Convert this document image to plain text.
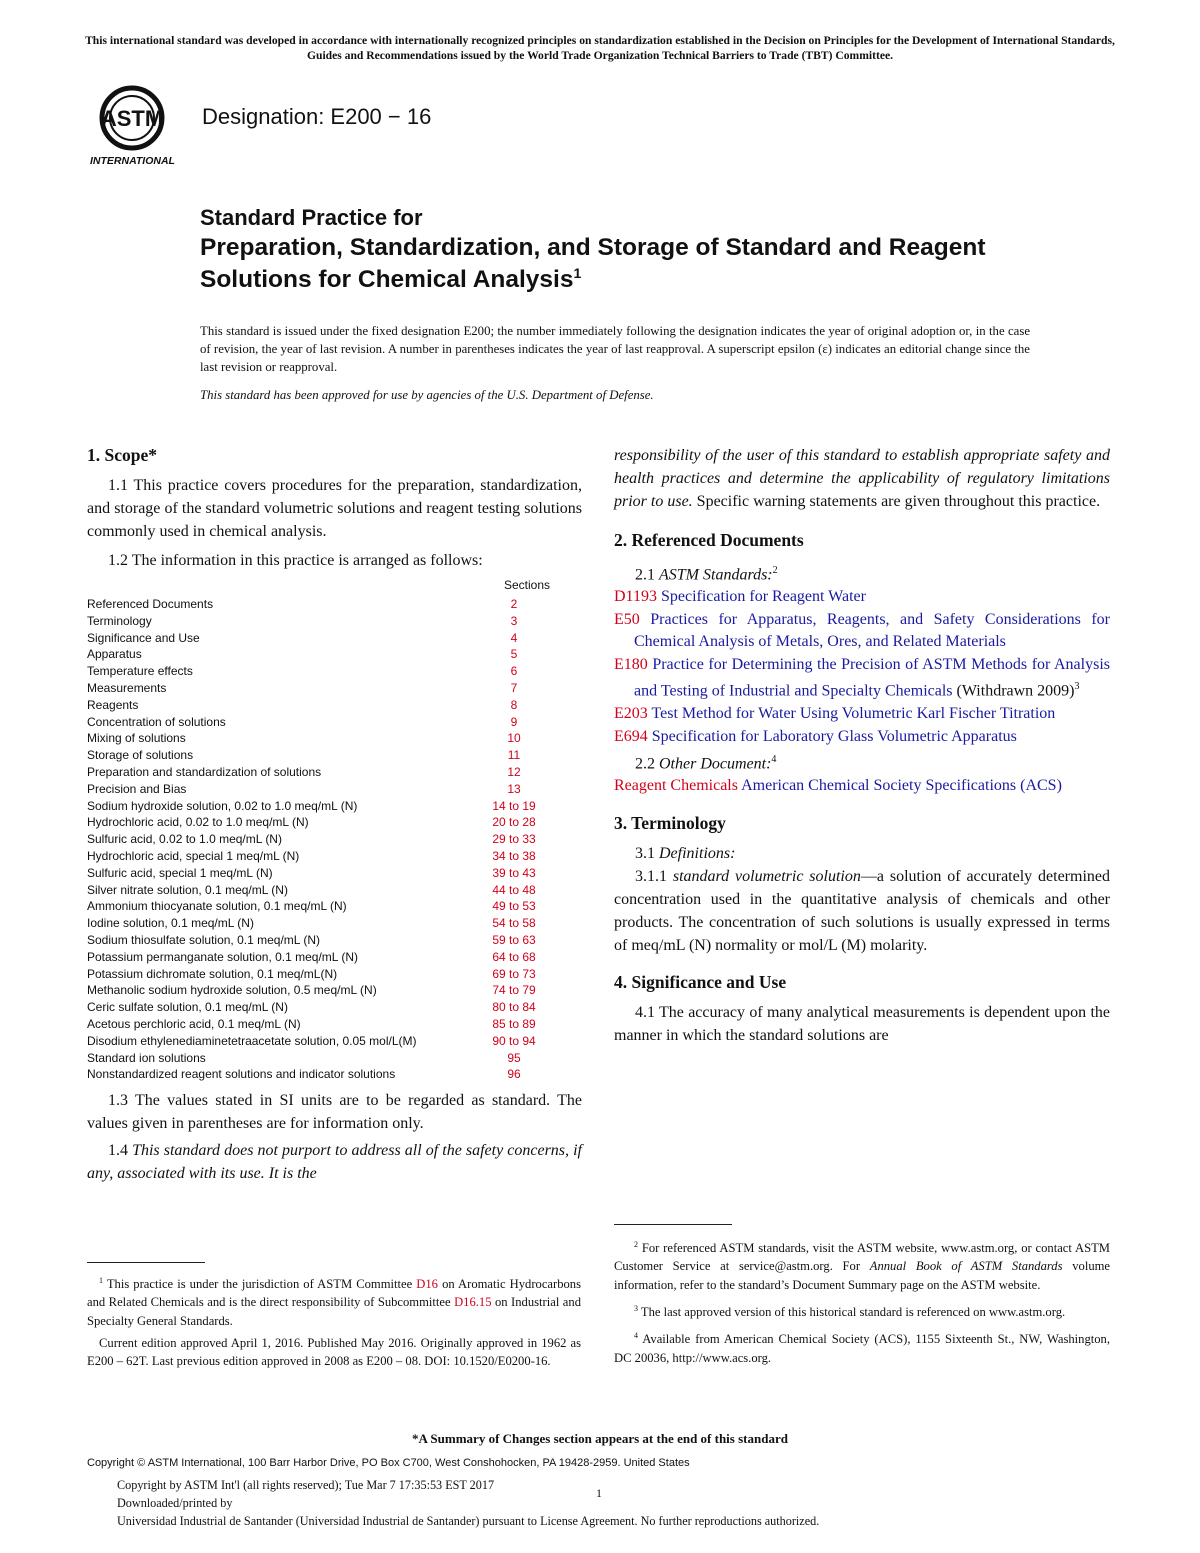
This international standard was developed in accordance with internationally recognized principles on standardization established in the Decision on Principles for the Development of International Standards, Guides and Recommendations issued by the World Trade Organization Technical Barriers to Trade (TBT) Committee.
ASTM
INTERNATIONAL
Designation: E200 − 16
Standard Practice for
Preparation, Standardization, and Storage of Standard and Reagent Solutions for Chemical Analysis$^1$
This standard is issued under the fixed designation E200; the number immediately following the designation indicates the year of original adoption or, in the case of revision, the year of last revision. A number in parentheses indicates the year of last reapproval. A superscript epsilon (ε) indicates an editorial change since the last revision or reapproval.
This standard has been approved for use by agencies of the U.S. Department of Defense.
1. Scope*

1.1 This practice covers procedures for the preparation, standardization, and storage of the standard volumetric solutions and reagent testing solutions commonly used in chemical analysis.

1.2 The information in this practice is arranged as follows:

Sections
Referenced Documents	2
Terminology	3
Significance and Use	4
Apparatus	5
Temperature effects	6
Measurements	7
Reagents	8
Concentration of solutions	9
Mixing of solutions	10
Storage of solutions	11
Preparation and standardization of solutions	12
Precision and Bias	13
Sodium hydroxide solution, 0.02 to 1.0 meq/mL (N)	14 to 19
Hydrochloric acid, 0.02 to 1.0 meq/mL (N)	20 to 28
Sulfuric acid, 0.02 to 1.0 meq/mL (N)	29 to 33
Hydrochloric acid, special 1 meq/mL (N)	34 to 38
Sulfuric acid, special 1 meq/mL (N)	39 to 43
Silver nitrate solution, 0.1 meq/mL (N)	44 to 48
Ammonium thiocyanate solution, 0.1 meq/mL (N)	49 to 53
Iodine solution, 0.1 meq/mL (N)	54 to 58
Sodium thiosulfate solution, 0.1 meq/mL (N)	59 to 63
Potassium permanganate solution, 0.1 meq/mL (N)	64 to 68
Potassium dichromate solution, 0.1 meq/mL(N)	69 to 73
Methanolic sodium hydroxide solution, 0.5 meq/mL (N)	74 to 79
Ceric sulfate solution, 0.1 meq/mL (N)	80 to 84
Acetous perchloric acid, 0.1 meq/mL (N)	85 to 89
Disodium ethylenediaminetetraacetate solution, 0.05 mol/L(M)	90 to 94
Standard ion solutions	95
Nonstandardized reagent solutions and indicator solutions	96

1.3 The values stated in SI units are to be regarded as standard. The values given in parentheses are for information only.

1.4 This standard does not purport to address all of the safety concerns, if any, associated with its use. It is the

$^1$ This practice is under the jurisdiction of ASTM Committee D16 on Aromatic Hydrocarbons and Related Chemicals and is the direct responsibility of Subcommittee D16.15 on Industrial and Specialty General Standards.

Current edition approved April 1, 2016. Published May 2016. Originally approved in 1962 as E200 – 62T. Last previous edition approved in 2008 as E200 – 08. DOI: 10.1520/E0200-16.

responsibility of the user of this standard to establish appropriate safety and health practices and determine the applicability of regulatory limitations prior to use. Specific warning statements are given throughout this practice.

2. Referenced Documents

2.1 ASTM Standards:$^2$

D1193 Specification for Reagent Water
E50 Practices for Apparatus, Reagents, and Safety Considerations for Chemical Analysis of Metals, Ores, and Related Materials
E180 Practice for Determining the Precision of ASTM Methods for Analysis and Testing of Industrial and Specialty Chemicals (Withdrawn 2009)$^3$
E203 Test Method for Water Using Volumetric Karl Fischer Titration
E694 Specification for Laboratory Glass Volumetric Apparatus

2.2 Other Document:$^4$

Reagent Chemicals American Chemical Society Specifications (ACS)
3. Terminology

3.1 Definitions:

3.1.1 standard volumetric solution—a solution of accurately determined concentration used in the quantitative analysis of chemicals and other products. The concentration of such solutions is usually expressed in terms of meq/mL (N) normality or mol/L (M) molarity.

4. Significance and Use

4.1 The accuracy of many analytical measurements is dependent upon the manner in which the standard solutions are

$^2$ For referenced ASTM standards, visit the ASTM website, www.astm.org, or contact ASTM Customer Service at service@astm.org. For Annual Book of ASTM Standards volume information, refer to the standard’s Document Summary page on the ASTM website.

$^3$ The last approved version of this historical standard is referenced on www.astm.org.

$^4$ Available from American Chemical Society (ACS), 1155 Sixteenth St., NW, Washington, DC 20036, http://www.acs.org.

*A Summary of Changes section appears at the end of this standard
Copyright © ASTM International, 100 Barr Harbor Drive, PO Box C700, West Conshohocken, PA 19428-2959. United States
Copyright by ASTM Int'l (all rights reserved); Tue Mar 7 17:35:53 EST 2017
Downloaded/printed by
Universidad Industrial de Santander (Universidad Industrial de Santander) pursuant to License Agreement. No further reproductions authorized.
1
